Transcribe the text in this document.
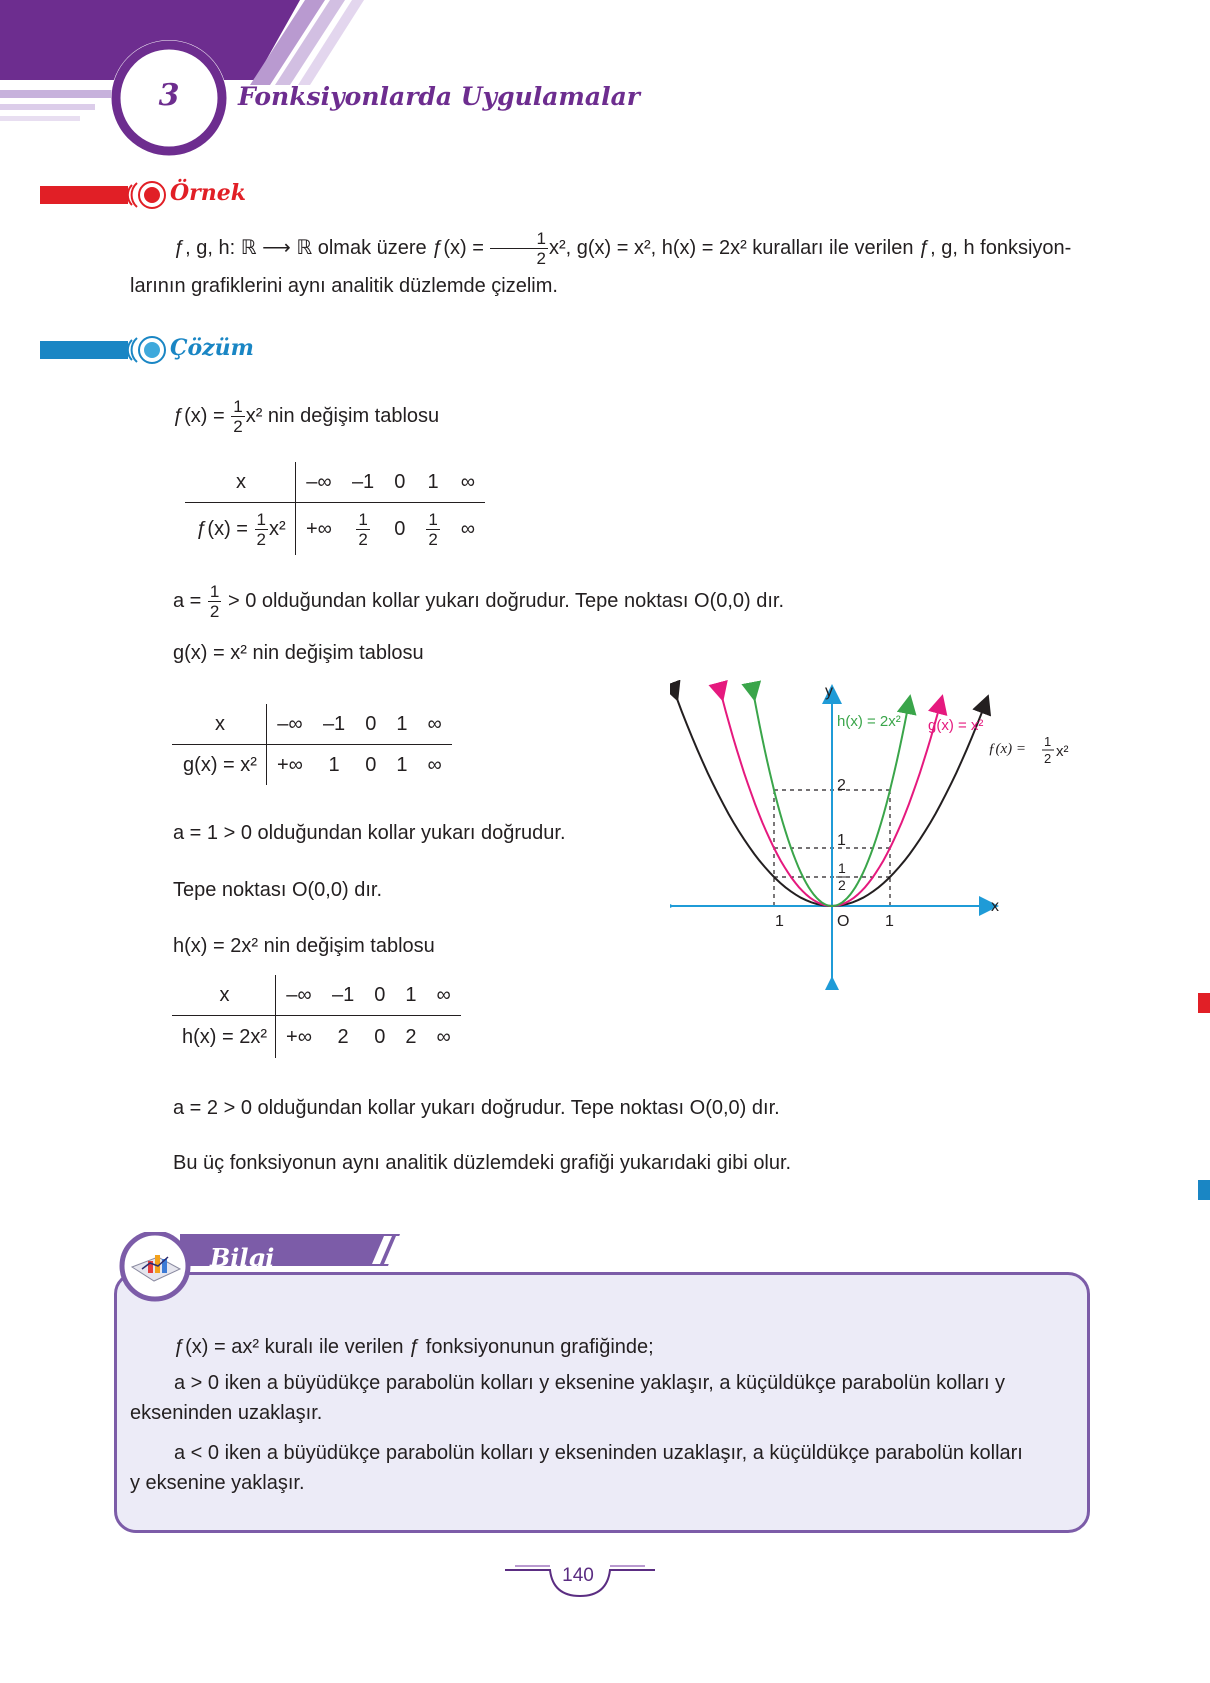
3	Fonksiyonlarda Uygulamalar
Örnek
ƒ, g, h: ℝ ⟶ ℝ olmak üzere ƒ(x) = $\frac{1}{2} x^2$, g(x) = x², h(x) = 2x² kuralları ile verilen ƒ, g, h fonksiyon-
larının grafiklerini aynı analitik düzlemde çizelim.
Çözüm
ƒ(x) = $\frac{1}{2} x^2$ nin değişim tablosu
x	–∞	–1	0	1	∞
ƒ(x) = $\frac{1}{2} x^2$	+∞	$\frac{1}{2}$	0	$\frac{1}{2}$	∞
$a = \frac{1}{2} > 0$ olduğundan kollar yukarı doğrudur. Tepe noktası O(0,0) dır.
g(x) = x² nin değişim tablosu
x	–∞	–1	0	1	∞
g(x) = x²	+∞	1	0	1	∞
a = 1 > 0 olduğundan kollar yukarı doğrudur.
Tepe noktası O(0,0) dır.
h(x) = 2x² nin değişim tablosu
x	–∞	–1	0	1	∞
h(x) = 2x²	+∞	2	0	2	∞
a = 2 > 0 olduğundan kollar yukarı doğrudur. Tepe noktası O(0,0) dır.
Bu üç fonksiyonun aynı analitik düzlemdeki grafiği yukarıdaki gibi olur.
x
y
O
1	1
2
1
1
2
h(x) = 2x² g(x) = x²
ƒ(x) = 1
2 x²
Bilgi
ƒ(x) = ax² kuralı ile verilen ƒ fonksiyonunun grafiğinde;
a > 0 iken a büyüdükçe parabolün kolları y eksenine yaklaşır, a küçüldükçe parabolün kolları y
ekseninden uzaklaşır.
a < 0 iken a büyüdükçe parabolün kolları y ekseninden uzaklaşır, a küçüldükçe parabolün kolları
y eksenine yaklaşır.
140
